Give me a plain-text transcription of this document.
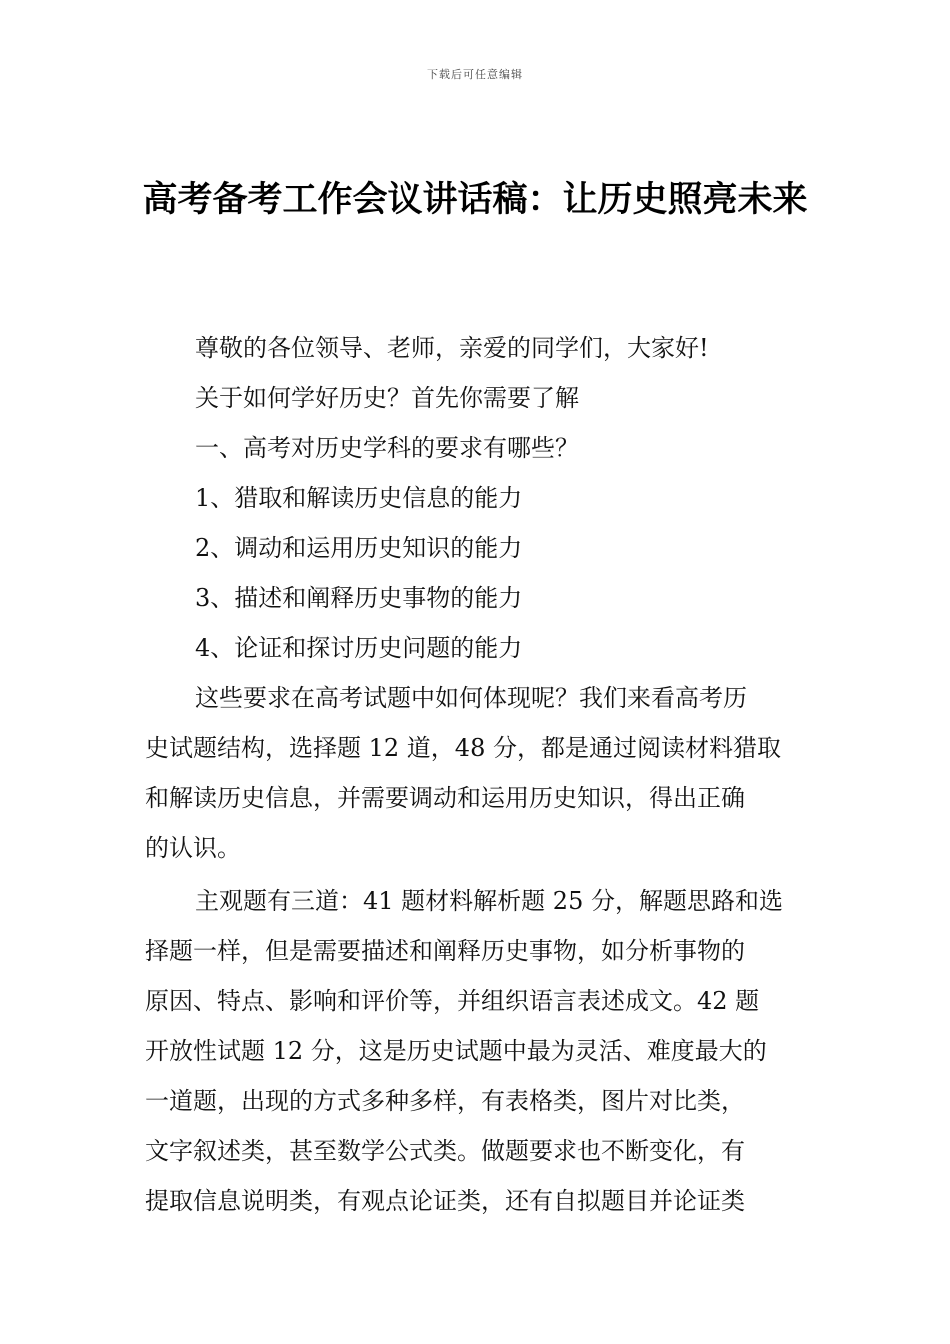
下载后可任意编辑
高考备考工作会议讲话稿：让历史照亮未来
尊敬的各位领导、老师，亲爱的同学们，大家好!
关于如何学好历史？首先你需要了解
一、高考对历史学科的要求有哪些？
1、猎取和解读历史信息的能力
2、调动和运用历史知识的能力
3、描述和阐释历史事物的能力
4、论证和探讨历史问题的能力
这些要求在高考试题中如何体现呢？我们来看高考历
史试题结构，选择题 12 道，48 分，都是通过阅读材料猎取
和解读历史信息，并需要调动和运用历史知识，得出正确
的认识。
主观题有三道：41 题材料解析题 25 分，解题思路和选
择题一样，但是需要描述和阐释历史事物，如分析事物的
原因、特点、影响和评价等，并组织语言表述成文。42 题
开放性试题 12 分，这是历史试题中最为灵活、难度最大的
一道题，出现的方式多种多样，有表格类，图片对比类，
文字叙述类，甚至数学公式类。做题要求也不断变化，有
提取信息说明类，有观点论证类，还有自拟题目并论证类
